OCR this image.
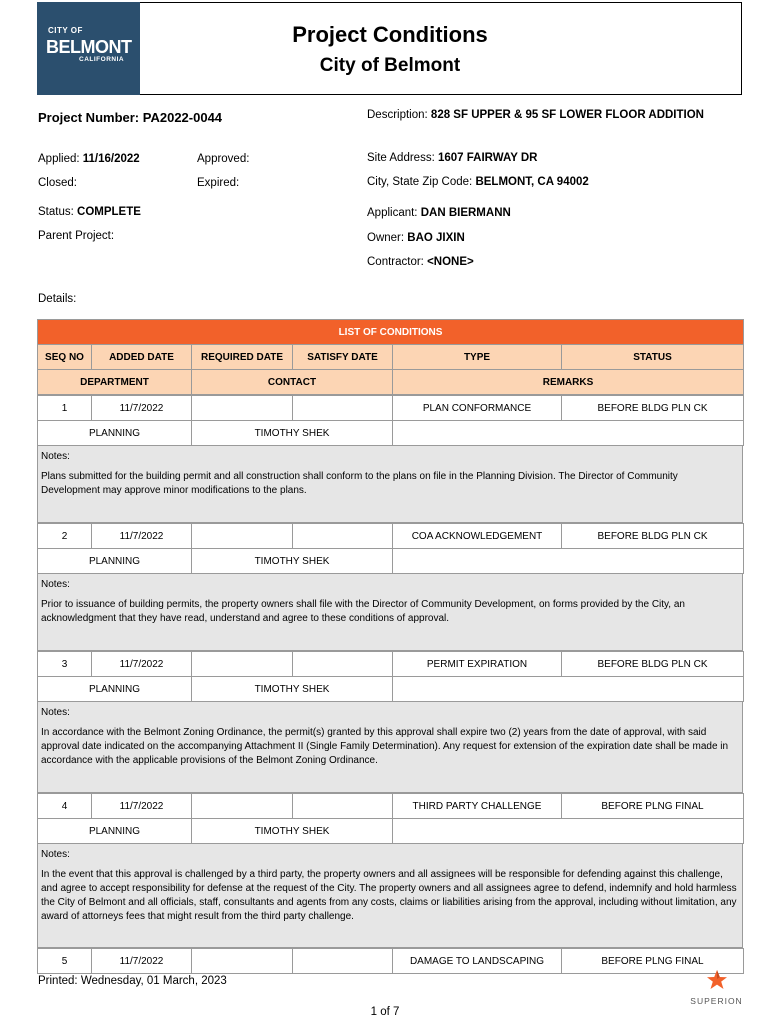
CITY OF
BELMONT
CALIFORNIA
Project Conditions
City of Belmont
Project Number: PA2022-0044	Description: 828 SF UPPER & 95 SF LOWER FLOOR ADDITION
Applied: 11/16/2022	Approved:	Site Address: 1607 FAIRWAY DR
Closed:	Expired:	City, State Zip Code: BELMONT, CA 94002
Status: COMPLETE	Applicant: DAN BIERMANN
Parent Project:	Owner: BAO JIXIN
Contractor: <NONE>
Details:
LIST OF CONDITIONS					
SEQ NO	ADDED DATE	REQUIRED DATE	SATISFY DATE	TYPE	STATUS
DEPARTMENT		CONTACT		REMARKS	
1	11/7/2022			PLAN CONFORMANCE	BEFORE BLDG PLN CK
PLANNING		TIMOTHY SHEK			
Notes:
Plans submitted for the building permit and all construction shall conform to the plans on file in the Planning Division. The Director of Community Development may approve minor modifications to the plans.
2	11/7/2022			COA ACKNOWLEDGEMENT	BEFORE BLDG PLN CK
PLANNING		TIMOTHY SHEK			
Notes:
Prior to issuance of building permits, the property owners shall file with the Director of Community Development, on forms provided by the City, an acknowledgment that they have read, understand and agree to these conditions of approval.
3	11/7/2022			PERMIT EXPIRATION	BEFORE BLDG PLN CK
PLANNING		TIMOTHY SHEK			
Notes:
In accordance with the Belmont Zoning Ordinance, the permit(s) granted by this approval shall expire two (2) years from the date of approval, with said approval date indicated on the accompanying Attachment II (Single Family Determination). Any request for extension of the expiration date shall be made in accordance with the applicable provisions of the Belmont Zoning Ordinance.
4	11/7/2022			THIRD PARTY CHALLENGE	BEFORE PLNG FINAL
PLANNING		TIMOTHY SHEK			
Notes:
In the event that this approval is challenged by a third party, the property owners and all assignees will be responsible for defending against this challenge, and agree to accept responsibility for defense at the request of the City. The property owners and all assignees agree to defend, indemnify and hold harmless the City of Belmont and all officials, staff, consultants and agents from any costs, claims or liabilities arising from the approval, including without limitation, any award of attorneys fees that might result from the third party challenge.
5	11/7/2022			DAMAGE TO LANDSCAPING	BEFORE PLNG FINAL
Printed: Wednesday, 01 March, 2023
1 of 7
SUPERION
